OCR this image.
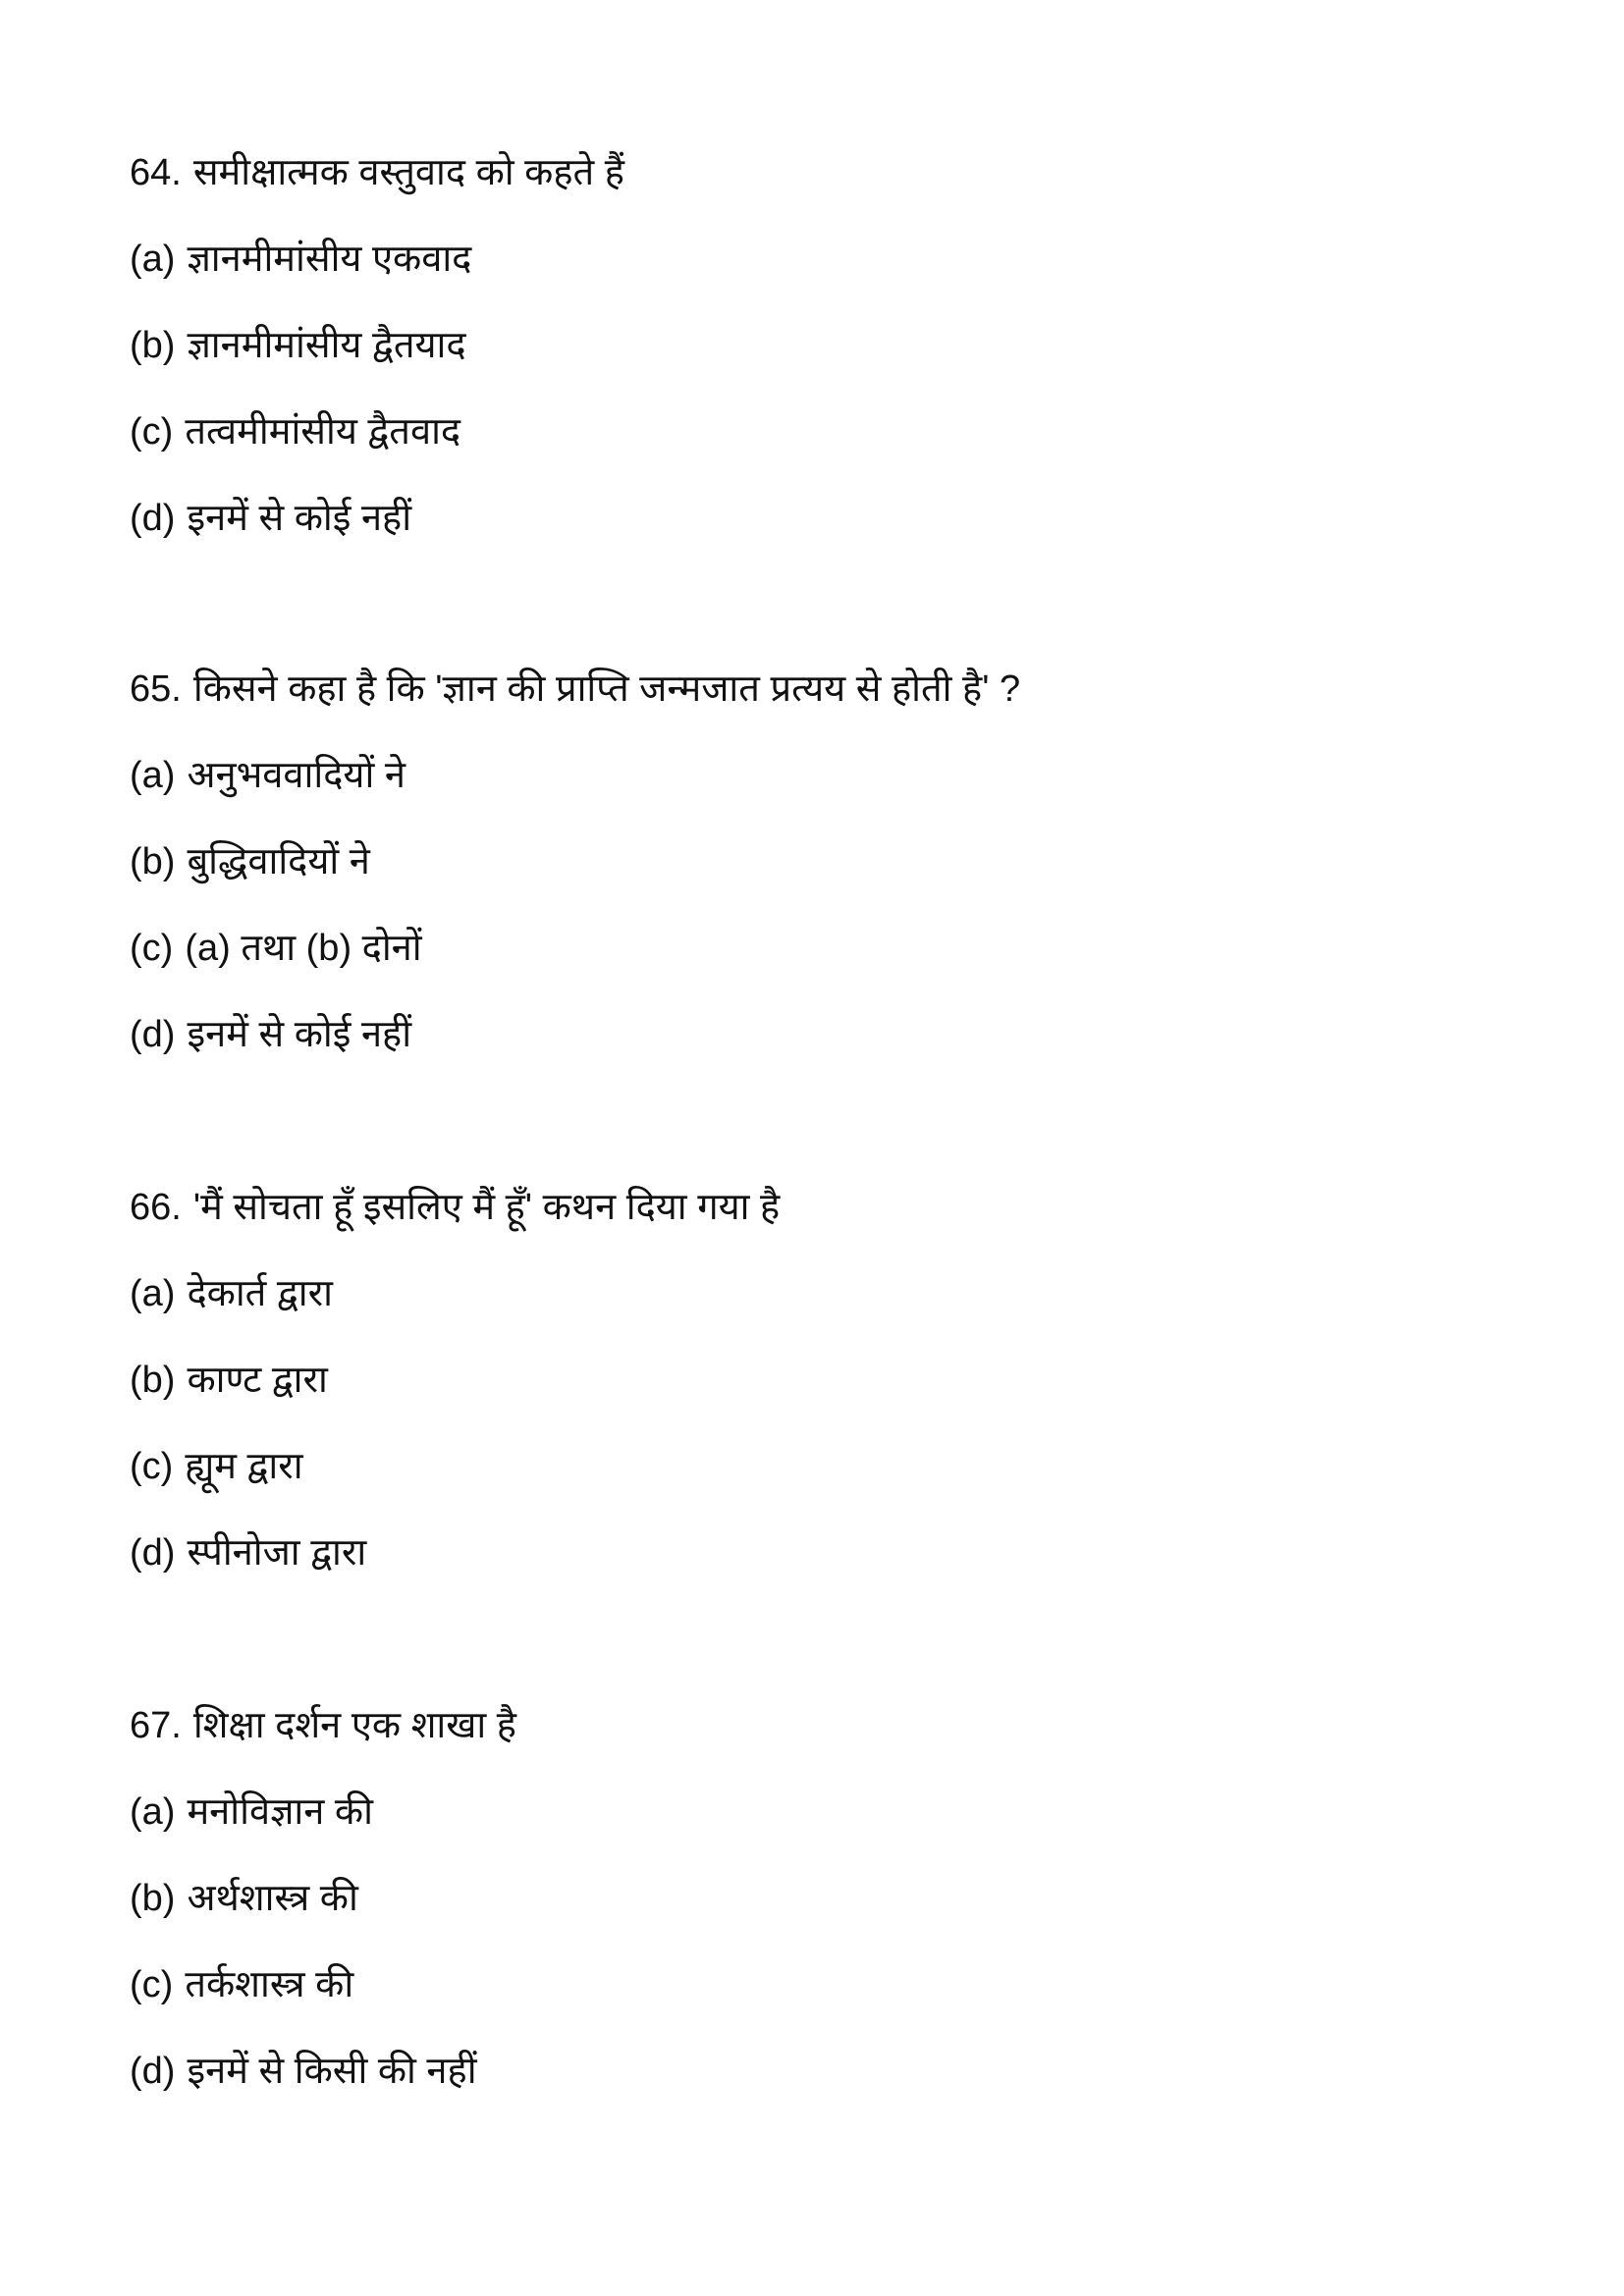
64. समीक्षात्मक वस्तुवाद को कहते हैं
(a) ज्ञानमीमांसीय एकवाद
(b) ज्ञानमीमांसीय द्वैतयाद
(c) तत्वमीमांसीय द्वैतवाद
(d) इनमें से कोई नहीं
65. किसने कहा है कि 'ज्ञान की प्राप्ति जन्मजात प्रत्यय से होती है' ?
(a) अनुभववादियों ने
(b) बुद्धिवादियों ने
(c) (a) तथा (b) दोनों
(d) इनमें से कोई नहीं
66. 'मैं सोचता हूँ इसलिए मैं हूँ' कथन दिया गया है
(a) देकार्त द्वारा
(b) काण्ट द्वारा
(c) ह्यूम द्वारा
(d) स्पीनोजा द्वारा
67. शिक्षा दर्शन एक शाखा है
(a) मनोविज्ञान की
(b) अर्थशास्त्र की
(c) तर्कशास्त्र की
(d) इनमें से किसी की नहीं
